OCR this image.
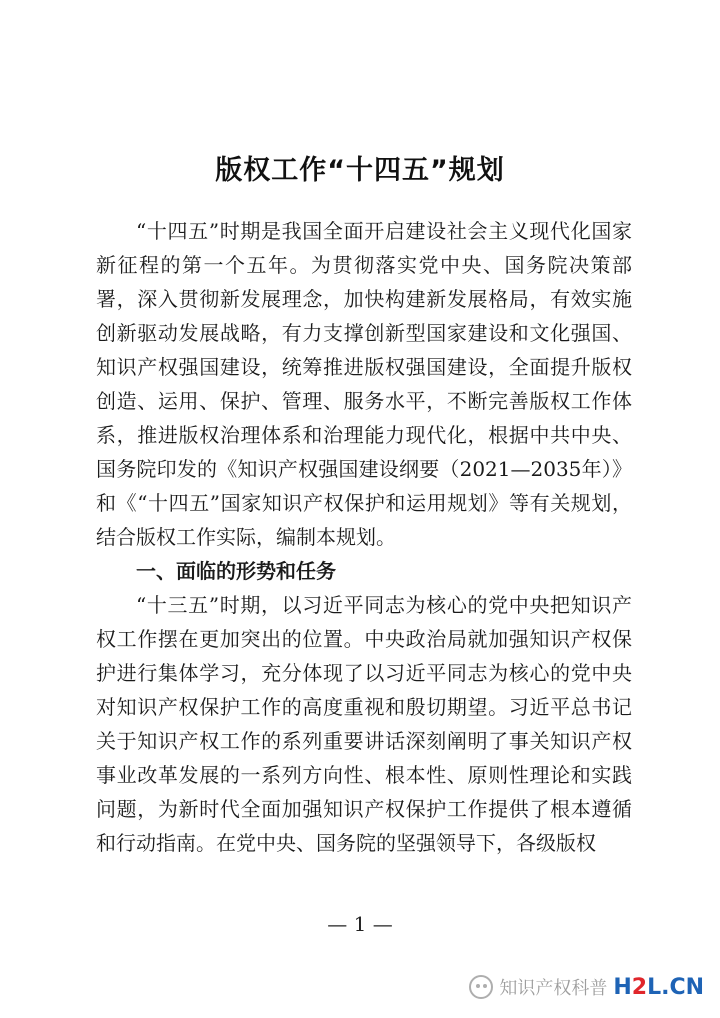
版权工作“十四五”规划

“十四五”时期是我国全面开启建设社会主义现代化国家新征程的第一个五年。为贯彻落实党中央、国务院决策部署，深入贯彻新发展理念，加快构建新发展格局，有效实施创新驱动发展战略，有力支撑创新型国家建设和文化强国、知识产权强国建设，统筹推进版权强国建设，全面提升版权创造、运用、保护、管理、服务水平，不断完善版权工作体系，推进版权治理体系和治理能力现代化，根据中共中央、国务院印发的《知识产权强国建设纲要（2021—2035年）》和《“十四五”国家知识产权保护和运用规划》等有关规划，结合版权工作实际，编制本规划。

一、面临的形势和任务

“十三五”时期，以习近平同志为核心的党中央把知识产权工作摆在更加突出的位置。中央政治局就加强知识产权保护进行集体学习，充分体现了以习近平同志为核心的党中央对知识产权保护工作的高度重视和殷切期望。习近平总书记关于知识产权工作的系列重要讲话深刻阐明了事关知识产权事业改革发展的一系列方向性、根本性、原则性理论和实践问题，为新时代全面加强知识产权保护工作提供了根本遵循和行动指南。在党中央、国务院的坚强领导下，各级版权

— 1 —
知识产权科普 H2L.CN
